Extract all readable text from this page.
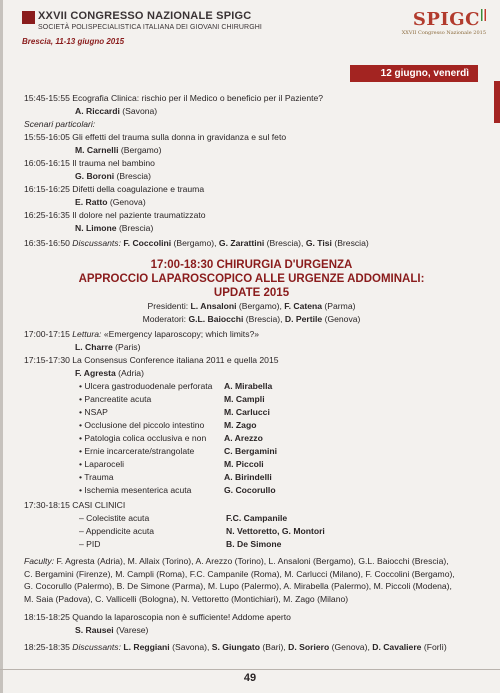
XXVII CONGRESSO NAZIONALE SPIGC
SOCIETÀ POLISPECIALISTICA ITALIANA DEI GIOVANI CHIRURGHI
Brescia, 11-13 giugno 2015
SPIGC
XXVII Congresso Nazionale 2015
12 giugno, venerdì
15:45-15:55 Ecografia Clinica: rischio per il Medico o beneficio per il Paziente?
A. Riccardi (Savona)
Scenari particolari:
15:55-16:05 Gli effetti del trauma sulla donna in gravidanza e sul feto
M. Carnelli (Bergamo)
16:05-16:15 Il trauma nel bambino
G. Boroni (Brescia)
16:15-16:25 Difetti della coagulazione e trauma
E. Ratto (Genova)
16:25-16:35 Il dolore nel paziente traumatizzato
N. Limone (Brescia)
16:35-16:50 Discussants: F. Coccolini (Bergamo), G. Zarattini (Brescia), G. Tisi (Brescia)
17:00-18:30 CHIRURGIA D'URGENZA
APPROCCIO LAPAROSCOPICO ALLE URGENZE ADDOMINALI:
UPDATE 2015
Presidenti: L. Ansaloni (Bergamo), F. Catena (Parma)
Moderatori: G.L. Baiocchi (Brescia), D. Pertile (Genova)
17:00-17:15 Lettura: «Emergency laparoscopy; which limits?»
L. Charre (Paris)
17:15-17:30 La Consensus Conference italiana 2011 e quella 2015
F. Agresta (Adria)
• Ulcera gastroduodenale perforata A. Mirabella
• Pancreatite acuta	M. Campli
• NSAP	M. Carlucci
• Occlusione del piccolo intestino M. Zago
• Patologia colica occlusiva e non A. Arezzo
• Ernie incarcerate/strangolate	C. Bergamini
• Laparoceli	M. Piccoli
• Trauma	A. Birindelli
• Ischemia mesenterica acuta	G. Cocorullo
17:30-18:15 CASI CLINICI
– Colecistite acuta	F.C. Campanile
– Appendicite acuta	N. Vettoretto, G. Montori
– PID	B. De Simone
Faculty: F. Agresta (Adria), M. Allaix (Torino), A. Arezzo (Torino), L. Ansaloni (Bergamo), G.L. Baiocchi (Brescia),
C. Bergamini (Firenze), M. Campli (Roma), F.C. Campanile (Roma), M. Carlucci (Milano), F. Coccolini (Bergamo),
G. Cocorullo (Palermo), B. De Simone (Parma), M. Lupo (Palermo), A. Mirabella (Palermo), M. Piccoli (Modena),
M. Saia (Padova), C. Vallicelli (Bologna), N. Vettoretto (Montichiari), M. Zago (Milano)
18:15-18:25 Quando la laparoscopia non è sufficiente! Addome aperto
S. Rausei (Varese)
18:25-18:35 Discussants: L. Reggiani (Savona), S. Giungato (Bari), D. Soriero (Genova), D. Cavaliere (Forlì)
49
